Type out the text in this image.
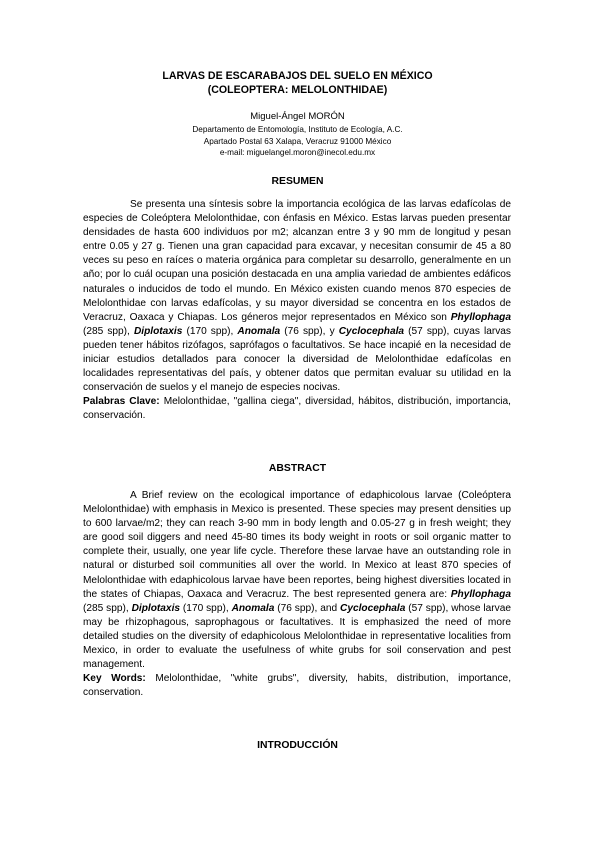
LARVAS DE ESCARABAJOS DEL SUELO EN MÉXICO
(COLEOPTERA: MELOLONTHIDAE)
Miguel-Ángel MORÓN
Departamento de Entomología, Instituto de Ecología, A.C.
Apartado Postal 63 Xalapa, Veracruz 91000 México
e-mail: miguelangel.moron@inecol.edu.mx
RESUMEN

Se presenta una síntesis sobre la importancia ecológica de las larvas edafícolas de especies de Coleóptera Melolonthidae, con énfasis en México. Estas larvas pueden presentar densidades de hasta 600 individuos por m2; alcanzan entre 3 y 90 mm de longitud y pesan entre 0.05 y 27 g. Tienen una gran capacidad para excavar, y necesitan consumir de 45 a 80 veces su peso en raíces o materia orgánica para completar su desarrollo, generalmente en un año; por lo cuál ocupan una posición destacada en una amplia variedad de ambientes edáficos naturales o inducidos de todo el mundo. En México existen cuando menos 870 especies de Melolonthidae con larvas edafícolas, y su mayor diversidad se concentra en los estados de Veracruz, Oaxaca y Chiapas. Los géneros mejor representados en México son Phyllophaga (285 spp), Diplotaxis (170 spp), Anomala (76 spp), y Cyclocephala (57 spp), cuyas larvas pueden tener hábitos rizófagos, saprófagos o facultativos. Se hace incapié en la necesidad de iniciar estudios detallados para conocer la diversidad de Melolonthidae edafícolas en localidades representativas del país, y obtener datos que permitan evaluar su utilidad en la conservación de suelos y el manejo de especies nocivas.
Palabras Clave: Melolonthidae, "gallina ciega", diversidad, hábitos, distribución, importancia, conservación.

ABSTRACT

A Brief review on the ecological importance of edaphicolous larvae (Coleóptera Melolonthidae) with emphasis in Mexico is presented. These species may present densities up to 600 larvae/m2; they can reach 3-90 mm in body length and 0.05-27 g in fresh weight; they are good soil diggers and need 45-80 times its body weight in roots or soil organic matter to complete their, usually, one year life cycle. Therefore these larvae have an outstanding role in natural or disturbed soil communities all over the world. In Mexico at least 870 species of Melolonthidae with edaphicolous larvae have been reportes, being highest diversities located in the states of Chiapas, Oaxaca and Veracruz. The best represented genera are: Phyllophaga (285 spp), Diplotaxis (170 spp), Anomala (76 spp), and Cyclocephala (57 spp), whose larvae may be rhizophagous, saprophagous or facultatives. It is emphasized the need of more detailed studies on the diversity of edaphicolous Melolonthidae in representative localities from Mexico, in order to evaluate the usefulness of white grubs for soil conservation and pest management.
Key Words: Melolonthidae, "white grubs", diversity, habits, distribution, importance, conservation.

INTRODUCCIÓN
